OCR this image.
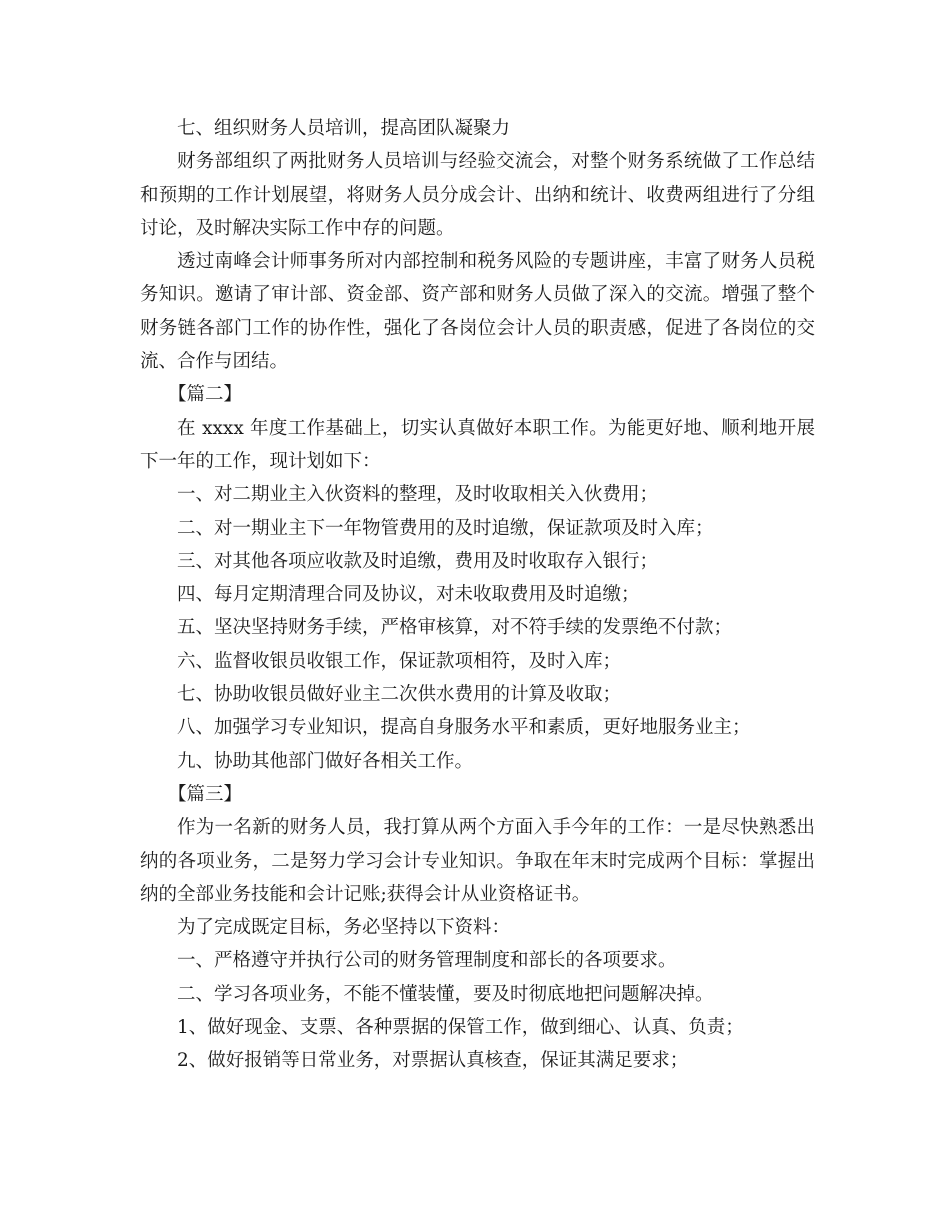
七、组织财务人员培训，提高团队凝聚力

财务部组织了两批财务人员培训与经验交流会，对整个财务系统做了工作总结和预期的工作计划展望，将财务人员分成会计、出纳和统计、收费两组进行了分组讨论，及时解决实际工作中存的问题。

透过南峰会计师事务所对内部控制和税务风险的专题讲座，丰富了财务人员税务知识。邀请了审计部、资金部、资产部和财务人员做了深入的交流。增强了整个财务链各部门工作的协作性，强化了各岗位会计人员的职责感，促进了各岗位的交流、合作与团结。

【篇二】

在 xxxx 年度工作基础上，切实认真做好本职工作。为能更好地、顺利地开展下一年的工作，现计划如下：

一、对二期业主入伙资料的整理，及时收取相关入伙费用；

二、对一期业主下一年物管费用的及时追缴，保证款项及时入库；

三、对其他各项应收款及时追缴，费用及时收取存入银行；

四、每月定期清理合同及协议，对未收取费用及时追缴；

五、坚决坚持财务手续，严格审核算，对不符手续的发票绝不付款；

六、监督收银员收银工作，保证款项相符，及时入库；

七、协助收银员做好业主二次供水费用的计算及收取；

八、加强学习专业知识，提高自身服务水平和素质，更好地服务业主；

九、协助其他部门做好各相关工作。

【篇三】

作为一名新的财务人员，我打算从两个方面入手今年的工作：一是尽快熟悉出纳的各项业务，二是努力学习会计专业知识。争取在年末时完成两个目标：掌握出纳的全部业务技能和会计记账;获得会计从业资格证书。

为了完成既定目标，务必坚持以下资料：

一、严格遵守并执行公司的财务管理制度和部长的各项要求。

二、学习各项业务，不能不懂装懂，要及时彻底地把问题解决掉。

1、做好现金、支票、各种票据的保管工作，做到细心、认真、负责；

2、做好报销等日常业务，对票据认真核查，保证其满足要求；
